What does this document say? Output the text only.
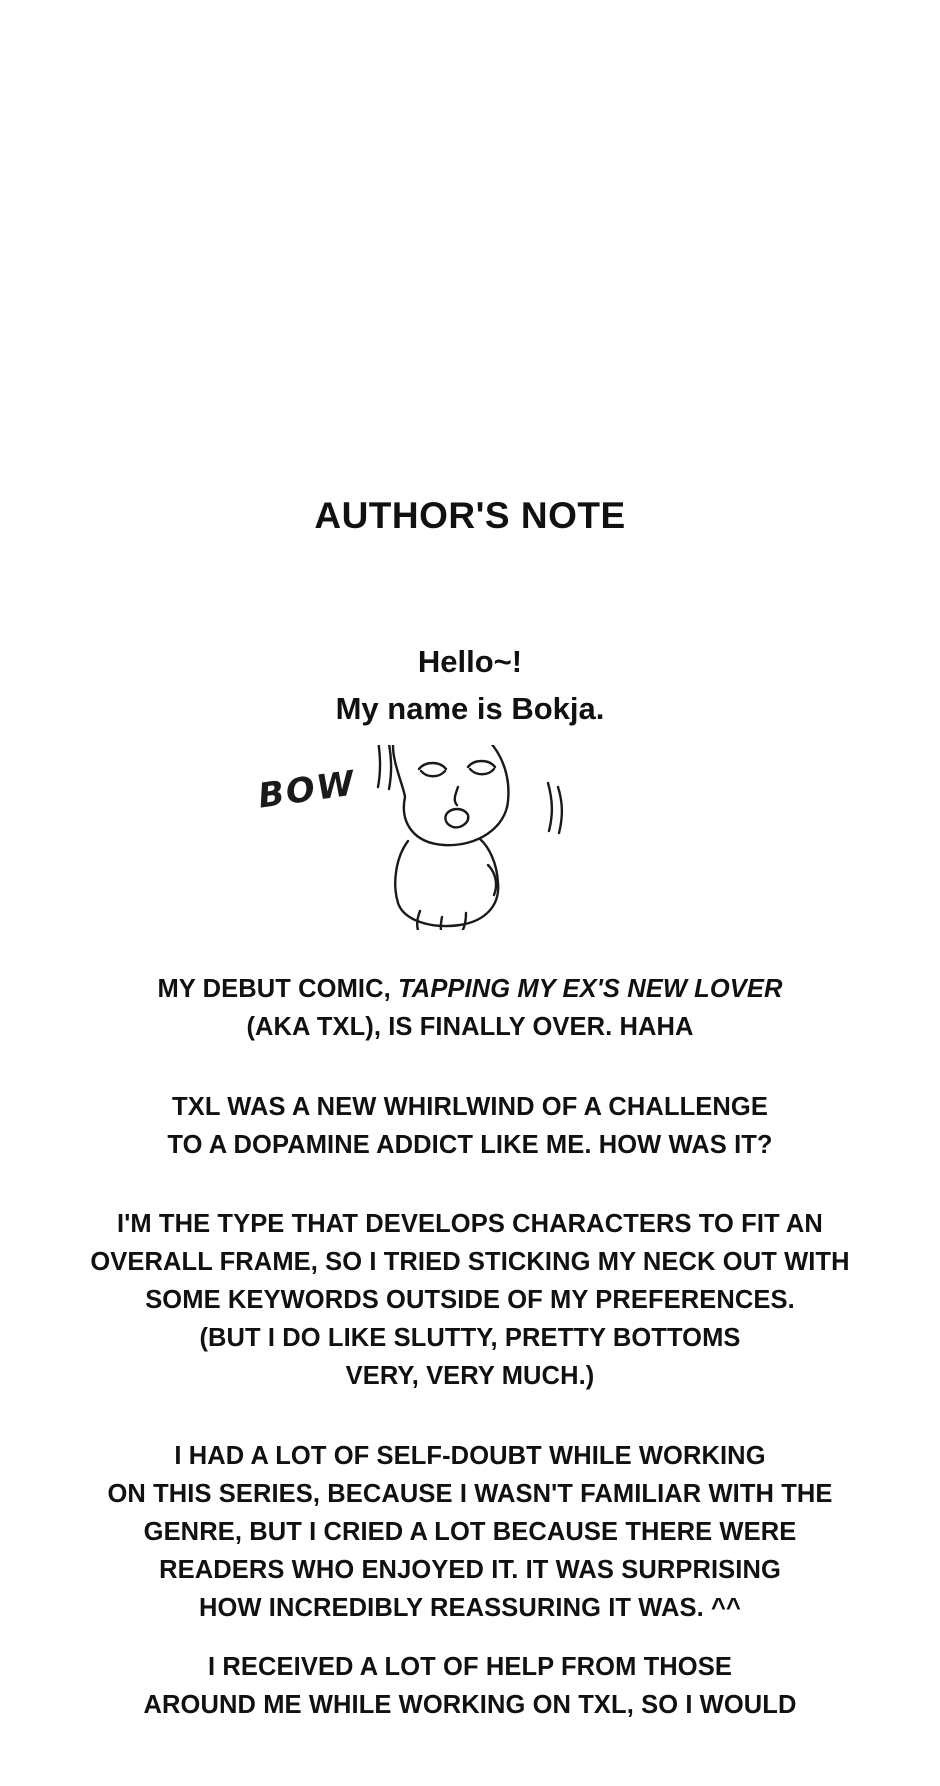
AUTHOR'S NOTE
Hello~!
My name is Bokja.
BOW
MY DEBUT COMIC, TAPPING MY EX'S NEW LOVER
(AKA TXL), IS FINALLY OVER. HAHA
TXL WAS A NEW WHIRLWIND OF A CHALLENGE
TO A DOPAMINE ADDICT LIKE ME. HOW WAS IT?
I'M THE TYPE THAT DEVELOPS CHARACTERS TO FIT AN
OVERALL FRAME, SO I TRIED STICKING MY NECK OUT WITH
SOME KEYWORDS OUTSIDE OF MY PREFERENCES.
(BUT I DO LIKE SLUTTY, PRETTY BOTTOMS
VERY, VERY MUCH.)
I HAD A LOT OF SELF-DOUBT WHILE WORKING
ON THIS SERIES, BECAUSE I WASN'T FAMILIAR WITH THE
GENRE, BUT I CRIED A LOT BECAUSE THERE WERE
READERS WHO ENJOYED IT. IT WAS SURPRISING
HOW INCREDIBLY REASSURING IT WAS. ^^
I RECEIVED A LOT OF HELP FROM THOSE
AROUND ME WHILE WORKING ON TXL, SO I WOULD
